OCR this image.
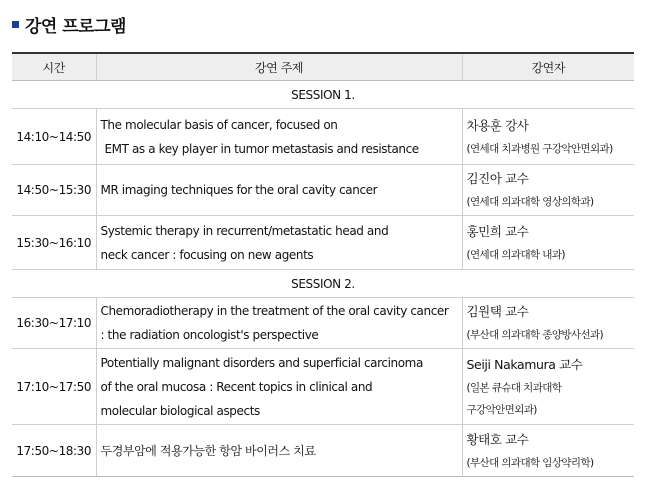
강연 프로그램
시간	강연 주제	강연자
SESSION 1.		
14:10~14:50	The molecular basis of cancer, focused on
EMT as a key player in tumor metastasis and resistance	차용훈 강사
(연세대 치과병원 구강악안면외과)

14:50~15:30	MR imaging techniques for the oral cavity cancer	김진아 교수
(연세대 의과대학 영상의학과)

15:30~16:10	Systemic therapy in recurrent/metastatic head and
neck cancer : focusing on new agents	홍민희 교수
(연세대 의과대학 내과)

SESSION 2.		
16:30~17:10	Chemoradiotherapy in the treatment of the oral cavity cancer
: the radiation oncologist's perspective	김원택 교수
(부산대 의과대학 종양방사선과)

17:10~17:50	Potentially malignant disorders and superficial carcinoma
of the oral mucosa : Recent topics in clinical and
molecular biological aspects	Seiji Nakamura 교수
(일본 큐슈대 치과대학
구강악안면외과)

17:50~18:30	두경부암에 적용가능한 항암 바이러스 치료	황태호 교수
(부산대 의과대학 임상약리학)
